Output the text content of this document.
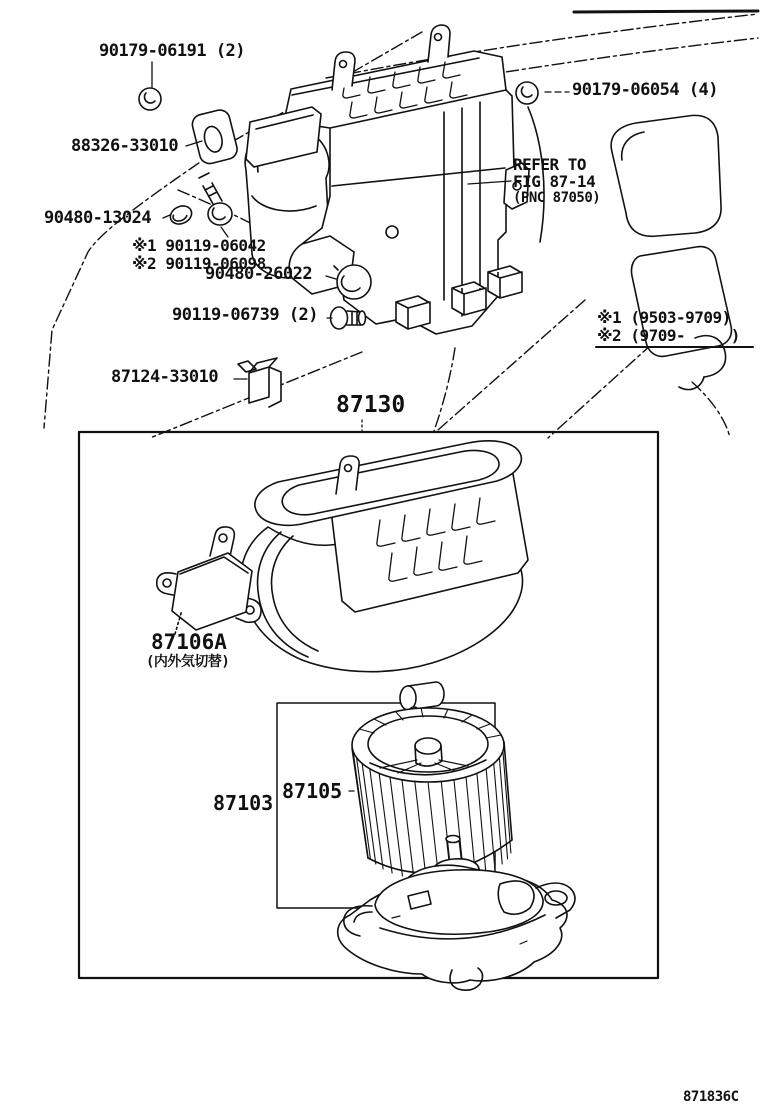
90179-06191 (2)
88326-33010
90480-13024
※1 90119-06042
※2 90119-06098
90480-26022
90119-06739 (2)
87124-33010
90179-06054 (4)
REFER TO
FIG 87-14
(PNC 87050)
※1 (9503-9709)
※2 (9709-     )
87130
87106A
(内外気切替)
87103 87105
871836C
